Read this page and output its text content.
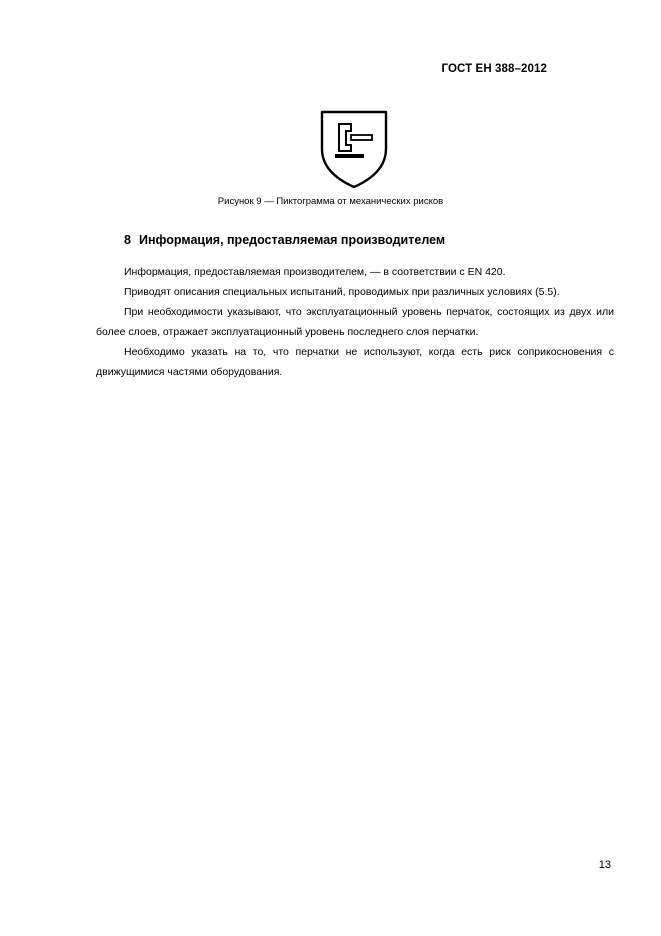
ГОСТ ЕН 388–2012
Рисунок 9 — Пиктограмма от механических рисков
8 Информация, предоставляемая производителем

Информация, предоставляемая производителем, — в соответствии с EN 420.

Приводят описания специальных испытаний, проводимых при различных условиях (5.5).

При необходимости указывают, что эксплуатационный уровень перчаток, состоящих из двух или более слоев, отражает эксплуатационный уровень последнего слоя перчатки.

Необходимо указать на то, что перчатки не используют, когда есть риск соприкосновения с движущимися частями оборудования.

13
